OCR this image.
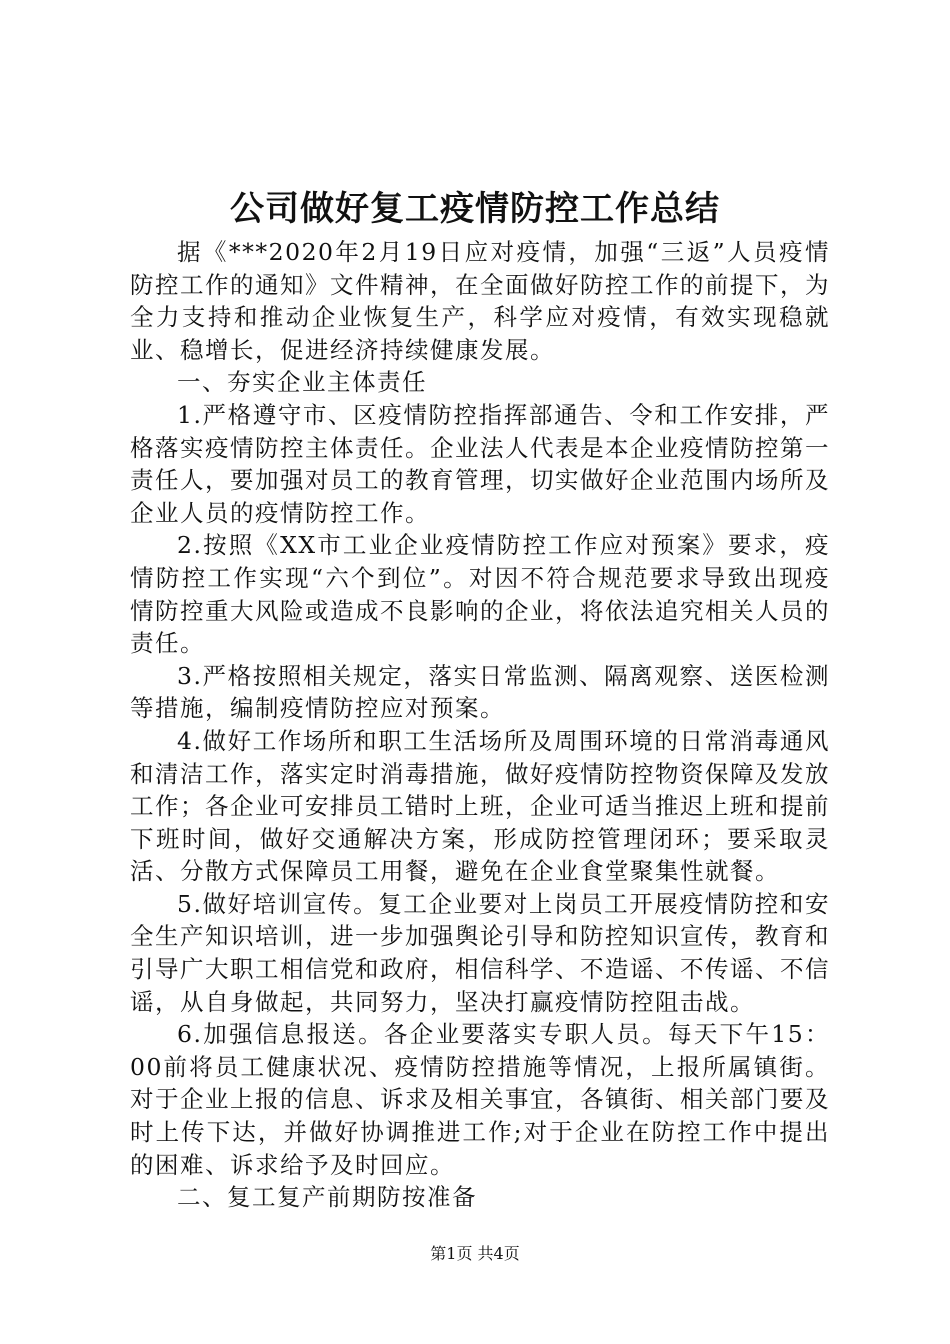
公司做好复工疫情防控工作总结

据《***2020年2月19日应对疫情，加强“三返”人员疫情防控工作的通知》文件精神，在全面做好防控工作的前提下，为全力支持和推动企业恢复生产，科学应对疫情，有效实现稳就业、稳增长，促进经济持续健康发展。

一、夯实企业主体责任

1.严格遵守市、区疫情防控指挥部通告、令和工作安排，严格落实疫情防控主体责任。企业法人代表是本企业疫情防控第一责任人，要加强对员工的教育管理，切实做好企业范围内场所及企业人员的疫情防控工作。

2.按照《XX市工业企业疫情防控工作应对预案》要求，疫情防控工作实现“六个到位”。对因不符合规范要求导致出现疫情防控重大风险或造成不良影响的企业，将依法追究相关人员的责任。

3.严格按照相关规定，落实日常监测、隔离观察、送医检测等措施，编制疫情防控应对预案。

4.做好工作场所和职工生活场所及周围环境的日常消毒通风和清洁工作，落实定时消毒措施，做好疫情防控物资保障及发放工作；各企业可安排员工错时上班，企业可适当推迟上班和提前下班时间，做好交通解决方案，形成防控管理闭环；要采取灵活、分散方式保障员工用餐，避免在企业食堂聚集性就餐。

5.做好培训宣传。复工企业要对上岗员工开展疫情防控和安全生产知识培训，进一步加强舆论引导和防控知识宣传，教育和引导广大职工相信党和政府，相信科学、不造谣、不传谣、不信谣，从自身做起，共同努力，坚决打赢疫情防控阻击战。

6.加强信息报送。各企业要落实专职人员。每天下午15：00前将员工健康状况、疫情防控措施等情况，上报所属镇街。对于企业上报的信息、诉求及相关事宜，各镇街、相关部门要及时上传下达，并做好协调推进工作;对于企业在防控工作中提出的困难、诉求给予及时回应。

二、复工复产前期防按准备

第1页 共4页
